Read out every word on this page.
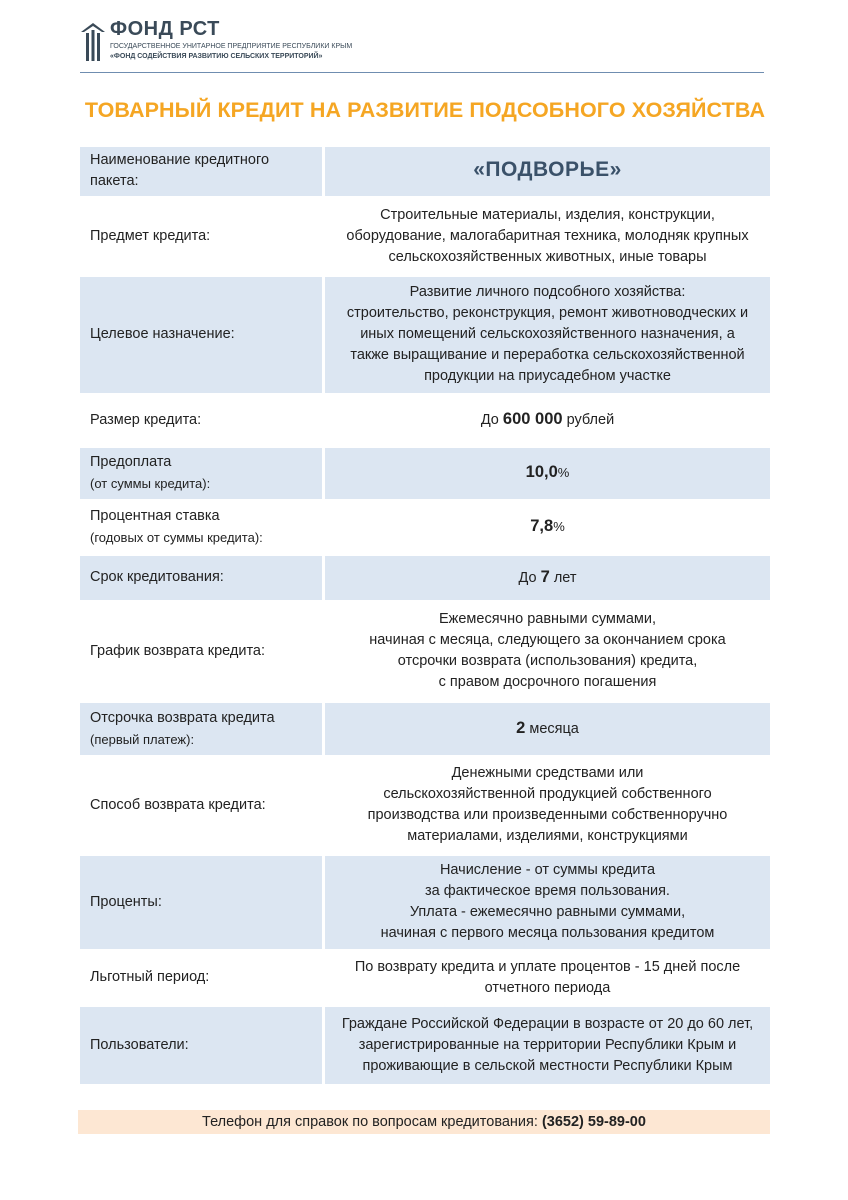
ФОНД РСТ
ГОСУДАРСТВЕННОЕ УНИТАРНОЕ ПРЕДПРИЯТИЕ РЕСПУБЛИКИ КРЫМ
«ФОНД СОДЕЙСТВИЯ РАЗВИТИЮ СЕЛЬСКИХ ТЕРРИТОРИЙ»
ТОВАРНЫЙ КРЕДИТ НА РАЗВИТИЕ ПОДСОБНОГО ХОЗЯЙСТВА
Наименование кредитного пакета:	«ПОДВОРЬЕ»
Предмет кредита:	Строительные материалы, изделия, конструкции,
оборудование, малогабаритная техника, молодняк крупных
сельскохозяйственных животных, иные товары

Целевое назначение:	Развитие личного подсобного хозяйства:
строительство, реконструкция, ремонт животноводческих и
иных помещений сельскохозяйственного назначения, а
также выращивание и переработка сельскохозяйственной
продукции на приусадебном участке

Размер кредита:	До 600 000 рублей

Предоплата
(от суммы кредита):	10,0%

Процентная ставка
(годовых от суммы кредита):	7,8%
Срок кредитования:	До 7 лет
График возврата кредита:	Ежемесячно равными суммами,
начиная с месяца, следующего за окончанием срока
отсрочки возврата (использования) кредита,
с правом досрочного погашения

Отсрочка возврата кредита
(первый платеж):	2 месяца
Способ возврата кредита:	Денежными средствами или
сельскохозяйственной продукцией собственного
производства или произведенными собственноручно
материалами, изделиями, конструкциями

Проценты:	Начисление - от суммы кредита
за фактическое время пользования.
Уплата - ежемесячно равными суммами,
начиная с первого месяца пользования кредитом

Льготный период:	По возврату кредита и уплате процентов - 15 дней после
отчетного периода

Пользователи:	Граждане Российской Федерации в возрасте от 20 до 60 лет,
зарегистрированные на территории Республики Крым и
проживающие в сельской местности Республики Крым
Телефон для справок по вопросам кредитования: (3652) 59-89-00
